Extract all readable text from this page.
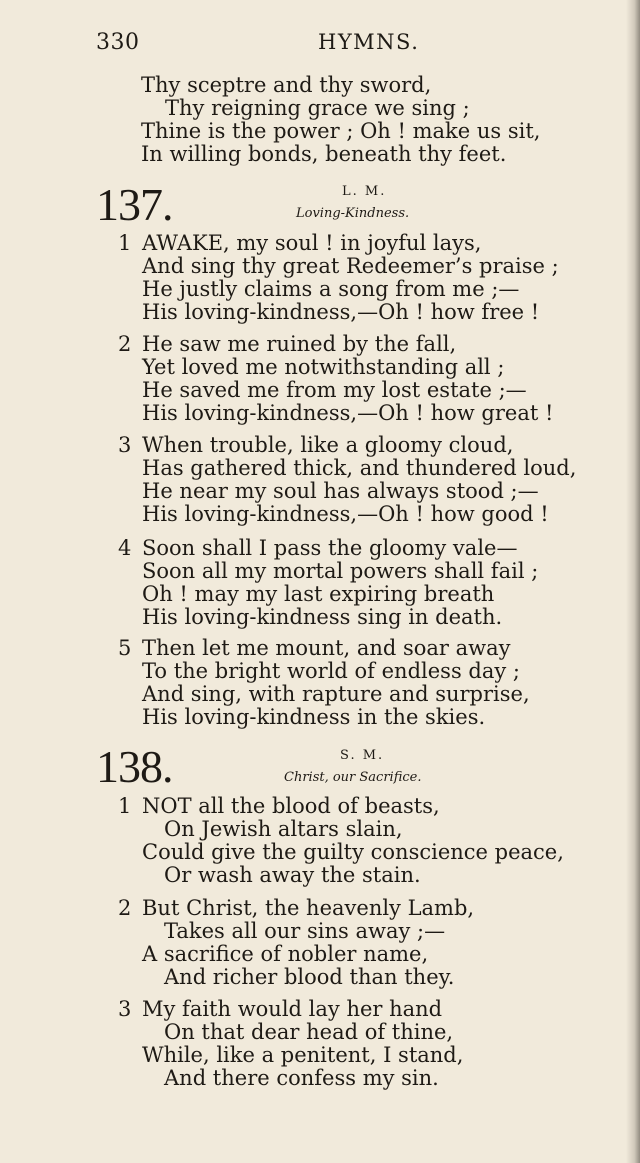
330	HYMNS.
Thy sceptre and thy sword,
Thy reigning grace we sing ;
Thine is the power ; Oh ! make us sit,
In willing bonds, beneath thy feet.
137.	L. M.
Loving-Kindness.
1 AWAKE, my soul ! in joyful lays,
And sing thy great Redeemer’s praise ;
He justly claims a song from me ;—
His loving-kindness,—Oh ! how free !
2 He saw me ruined by the fall,
Yet loved me notwithstanding all ;
He saved me from my lost estate ;—
His loving-kindness,—Oh ! how great !
3 When trouble, like a gloomy cloud,
Has gathered thick, and thundered loud,
He near my soul has always stood ;—
His loving-kindness,—Oh ! how good !
4 Soon shall I pass the gloomy vale—
Soon all my mortal powers shall fail ;
Oh ! may my last expiring breath
His loving-kindness sing in death.
5 Then let me mount, and soar away
To the bright world of endless day ;
And sing, with rapture and surprise,
His loving-kindness in the skies.
138.	S. M.
Christ, our Sacrifice.
1 NOT all the blood of beasts,
On Jewish altars slain,
Could give the guilty conscience peace,
Or wash away the stain.
2 But Christ, the heavenly Lamb,
Takes all our sins away ;—
A sacrifice of nobler name,
And richer blood than they.
3 My faith would lay her hand
On that dear head of thine,
While, like a penitent, I stand,
And there confess my sin.
